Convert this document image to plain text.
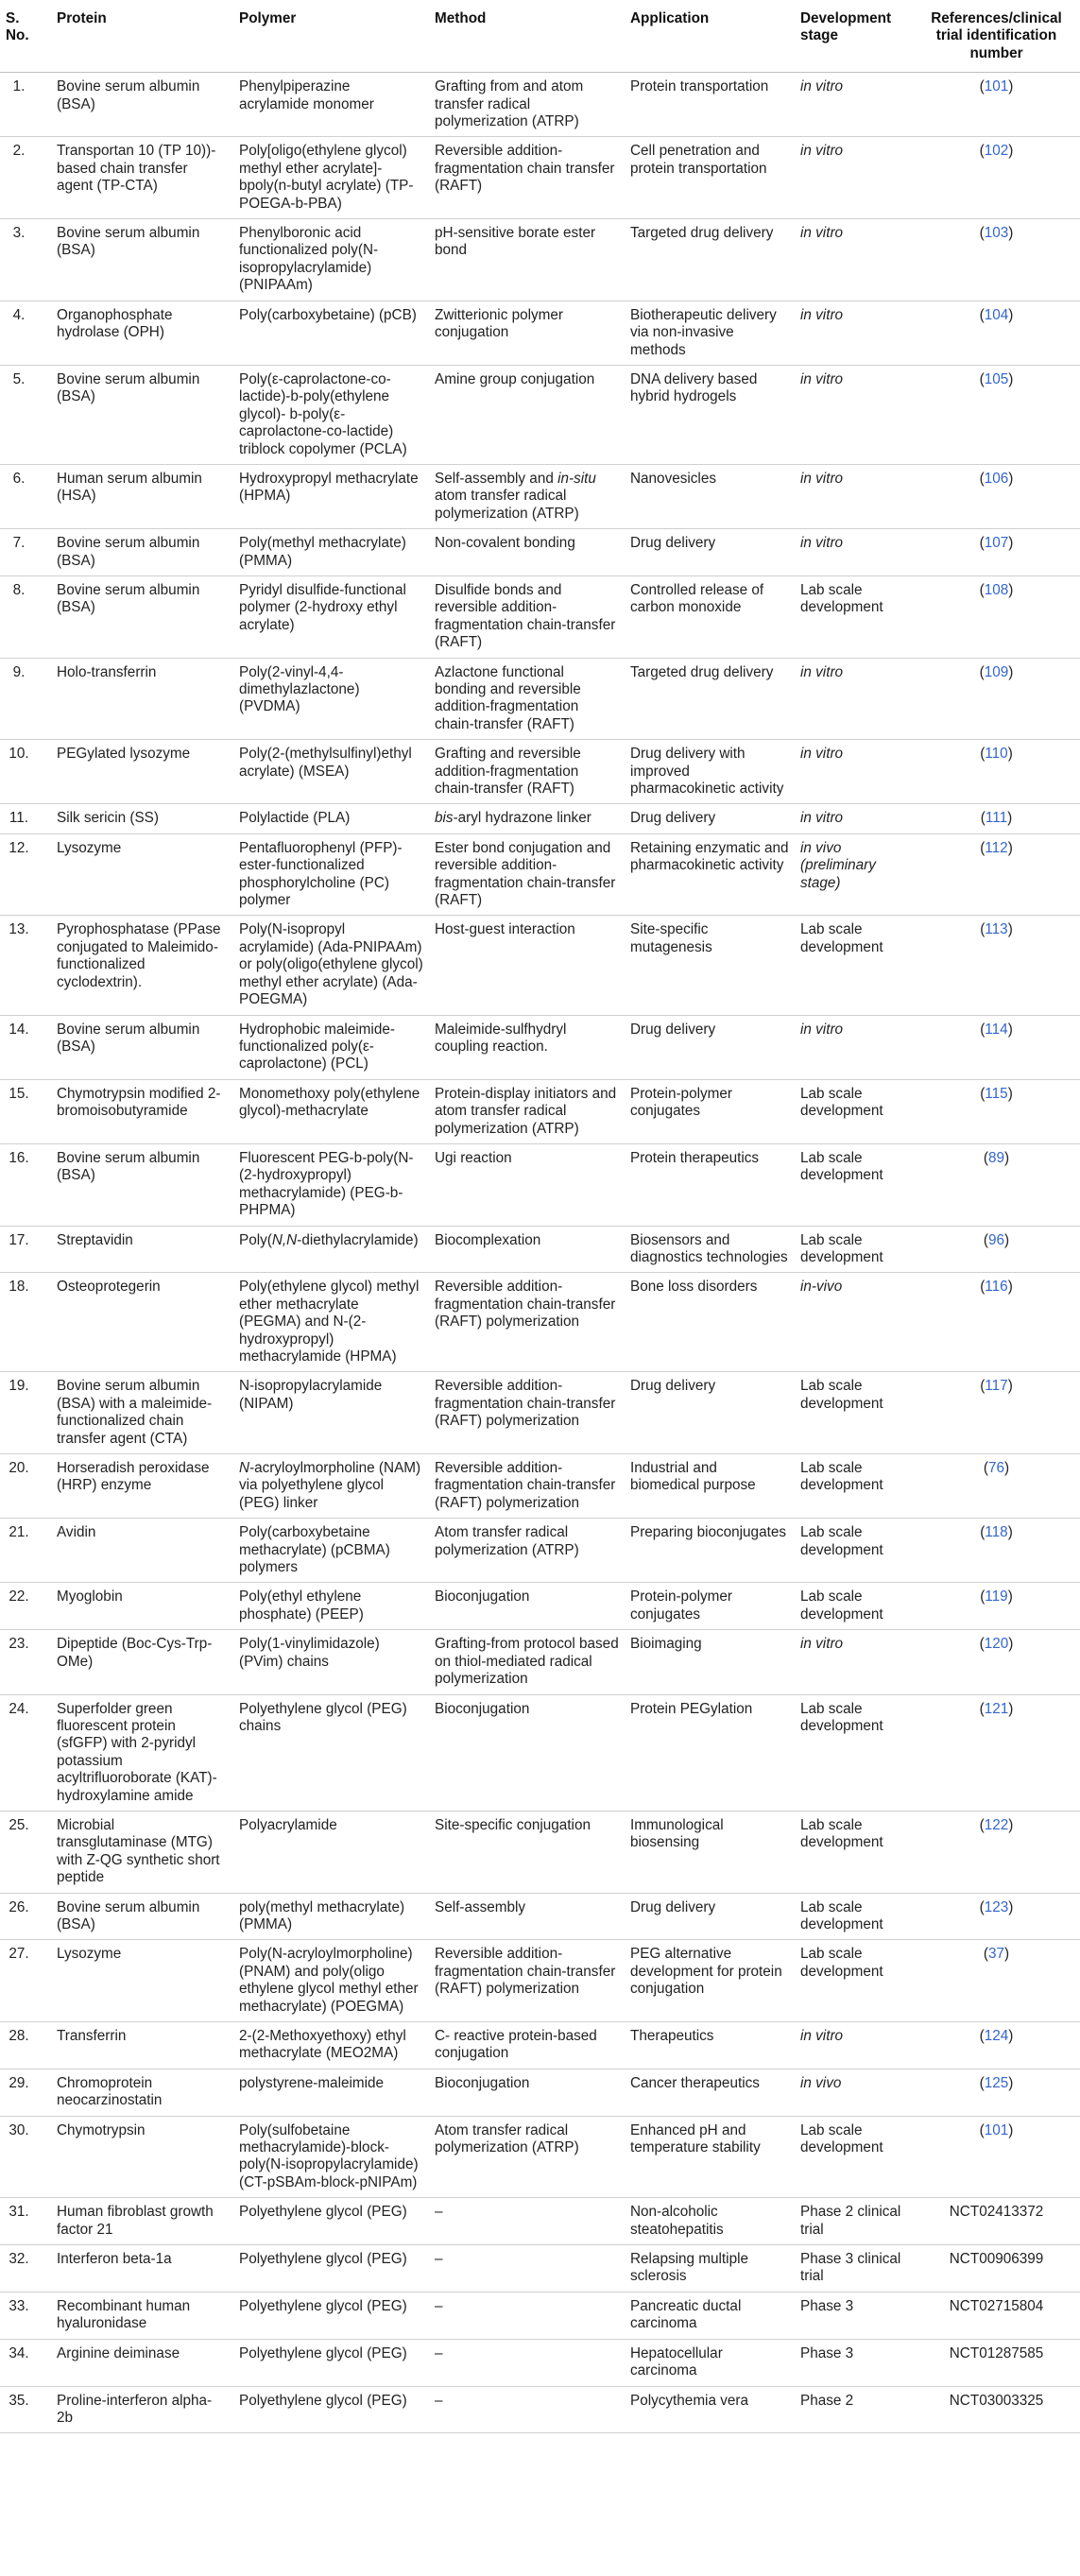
S. No.	Protein	Polymer	Method	Application	Development stage	References/clinical trial identification number
1.	Bovine serum albumin (BSA)	Phenylpiperazine acrylamide monomer	Grafting from and atom transfer radical polymerization (ATRP)	Protein transportation	in vitro	(101)
2.	Transportan 10 (TP 10))-based chain transfer agent (TP-CTA)	Poly[oligo(ethylene glycol) methyl ether acrylate]-bpoly(n-butyl acrylate) (TP-POEGA-b-PBA)	Reversible addition-fragmentation chain transfer (RAFT)	Cell penetration and protein transportation	in vitro	(102)
3.	Bovine serum albumin (BSA)	Phenylboronic acid functionalized poly(N-isopropylacrylamide) (PNIPAAm)	pH-sensitive borate ester bond	Targeted drug delivery	in vitro	(103)
4.	Organophosphate hydrolase (OPH)	Poly(carboxybetaine) (pCB)	Zwitterionic polymer conjugation	Biotherapeutic delivery via non-invasive methods	in vitro	(104)
5.	Bovine serum albumin (BSA)	Poly(ε-caprolactone-co-lactide)-b-poly(ethylene glycol)- b-poly(ε-caprolactone-co-lactide) triblock copolymer (PCLA)	Amine group conjugation	DNA delivery based hybrid hydrogels	in vitro	(105)
6.	Human serum albumin (HSA)	Hydroxypropyl methacrylate (HPMA)	Self-assembly and in-situ atom transfer radical polymerization (ATRP)	Nanovesicles	in vitro	(106)
7.	Bovine serum albumin (BSA)	Poly(methyl methacrylate) (PMMA)	Non-covalent bonding	Drug delivery	in vitro	(107)
8.	Bovine serum albumin (BSA)	Pyridyl disulfide-functional polymer (2-hydroxy ethyl acrylate)	Disulfide bonds and reversible addition-fragmentation chain-transfer (RAFT)	Controlled release of carbon monoxide	Lab scale development	(108)
9.	Holo-transferrin	Poly(2-vinyl-4,4-dimethylazlactone) (PVDMA)	Azlactone functional bonding and reversible addition-fragmentation chain-transfer (RAFT)	Targeted drug delivery	in vitro	(109)
10.	PEGylated lysozyme	Poly(2-(methylsulfinyl)ethyl acrylate) (MSEA)	Grafting and reversible addition-fragmentation chain-transfer (RAFT)	Drug delivery with improved pharmacokinetic activity	in vitro	(110)
11.	Silk sericin (SS)	Polylactide (PLA)	bis-aryl hydrazone linker	Drug delivery	in vitro	(111)
12.	Lysozyme	Pentafluorophenyl (PFP)-ester-functionalized phosphorylcholine (PC) polymer	Ester bond conjugation and reversible addition-fragmentation chain-transfer (RAFT)	Retaining enzymatic and pharmacokinetic activity	in vivo (preliminary stage)	(112)
13.	Pyrophosphatase (PPase conjugated to Maleimido-functionalized cyclodextrin).	Poly(N-isopropyl acrylamide) (Ada-PNIPAAm) or poly(oligo(ethylene glycol) methyl ether acrylate) (Ada-POEGMA)	Host-guest interaction	Site-specific mutagenesis	Lab scale development	(113)
14.	Bovine serum albumin (BSA)	Hydrophobic maleimide-functionalized poly(ε-caprolactone) (PCL)	Maleimide-sulfhydryl coupling reaction.	Drug delivery	in vitro	(114)
15.	Chymotrypsin modified 2-bromoisobutyramide	Monomethoxy poly(ethylene glycol)-methacrylate	Protein-display initiators and atom transfer radical polymerization (ATRP)	Protein-polymer conjugates	Lab scale development	(115)
16.	Bovine serum albumin (BSA)	Fluorescent PEG-b-poly(N-(2-hydroxypropyl) methacrylamide) (PEG-b-PHPMA)	Ugi reaction	Protein therapeutics	Lab scale development	(89)
17.	Streptavidin	Poly(N,N-diethylacrylamide)	Biocomplexation	Biosensors and diagnostics technologies	Lab scale development	(96)
18.	Osteoprotegerin	Poly(ethylene glycol) methyl ether methacrylate (PEGMA) and N-(2-hydroxypropyl) methacrylamide (HPMA)	Reversible addition-fragmentation chain-transfer (RAFT) polymerization	Bone loss disorders	in-vivo	(116)
19.	Bovine serum albumin (BSA) with a maleimide-functionalized chain transfer agent (CTA)	N-isopropylacrylamide (NIPAM)	Reversible addition-fragmentation chain-transfer (RAFT) polymerization	Drug delivery	Lab scale development	(117)
20.	Horseradish peroxidase (HRP) enzyme	N-acryloylmorpholine (NAM) via polyethylene glycol (PEG) linker	Reversible addition-fragmentation chain-transfer (RAFT) polymerization	Industrial and biomedical purpose	Lab scale development	(76)
21.	Avidin	Poly(carboxybetaine methacrylate) (pCBMA) polymers	Atom transfer radical polymerization (ATRP)	Preparing bioconjugates	Lab scale development	(118)
22.	Myoglobin	Poly(ethyl ethylene phosphate) (PEEP)	Bioconjugation	Protein-polymer conjugates	Lab scale development	(119)
23.	Dipeptide (Boc-Cys-Trp-OMe)	Poly(1-vinylimidazole) (PVim) chains	Grafting-from protocol based on thiol-mediated radical polymerization	Bioimaging	in vitro	(120)
24.	Superfolder green fluorescent protein (sfGFP) with 2-pyridyl potassium acyltrifluoroborate (KAT)-hydroxylamine amide	Polyethylene glycol (PEG) chains	Bioconjugation	Protein PEGylation	Lab scale development	(121)
25.	Microbial transglutaminase (MTG) with Z-QG synthetic short peptide	Polyacrylamide	Site-specific conjugation	Immunological biosensing	Lab scale development	(122)
26.	Bovine serum albumin (BSA)	poly(methyl methacrylate) (PMMA)	Self-assembly	Drug delivery	Lab scale development	(123)
27.	Lysozyme	Poly(N-acryloylmorpholine) (PNAM) and poly(oligo ethylene glycol methyl ether methacrylate) (POEGMA)	Reversible addition-fragmentation chain-transfer (RAFT) polymerization	PEG alternative development for protein conjugation	Lab scale development	(37)
28.	Transferrin	2-(2-Methoxyethoxy) ethyl methacrylate (MEO2MA)	C- reactive protein-based conjugation	Therapeutics	in vitro	(124)
29.	Chromoprotein neocarzinostatin	polystyrene-maleimide	Bioconjugation	Cancer therapeutics	in vivo	(125)
30.	Chymotrypsin	Poly(sulfobetaine methacrylamide)-block-poly(N-isopropylacrylamide) (CT-pSBAm-block-pNIPAm)	Atom transfer radical polymerization (ATRP)	Enhanced pH and temperature stability	Lab scale development	(101)
31.	Human fibroblast growth factor 21	Polyethylene glycol (PEG)	–	Non-alcoholic steatohepatitis	Phase 2 clinical trial	NCT02413372
32.	Interferon beta-1a	Polyethylene glycol (PEG)	–	Relapsing multiple sclerosis	Phase 3 clinical trial	NCT00906399
33.	Recombinant human hyaluronidase	Polyethylene glycol (PEG)	–	Pancreatic ductal carcinoma	Phase 3	NCT02715804
34.	Arginine deiminase	Polyethylene glycol (PEG)	–	Hepatocellular carcinoma	Phase 3	NCT01287585
35.	Proline-interferon alpha-2b	Polyethylene glycol (PEG)	–	Polycythemia vera	Phase 2	NCT03003325
